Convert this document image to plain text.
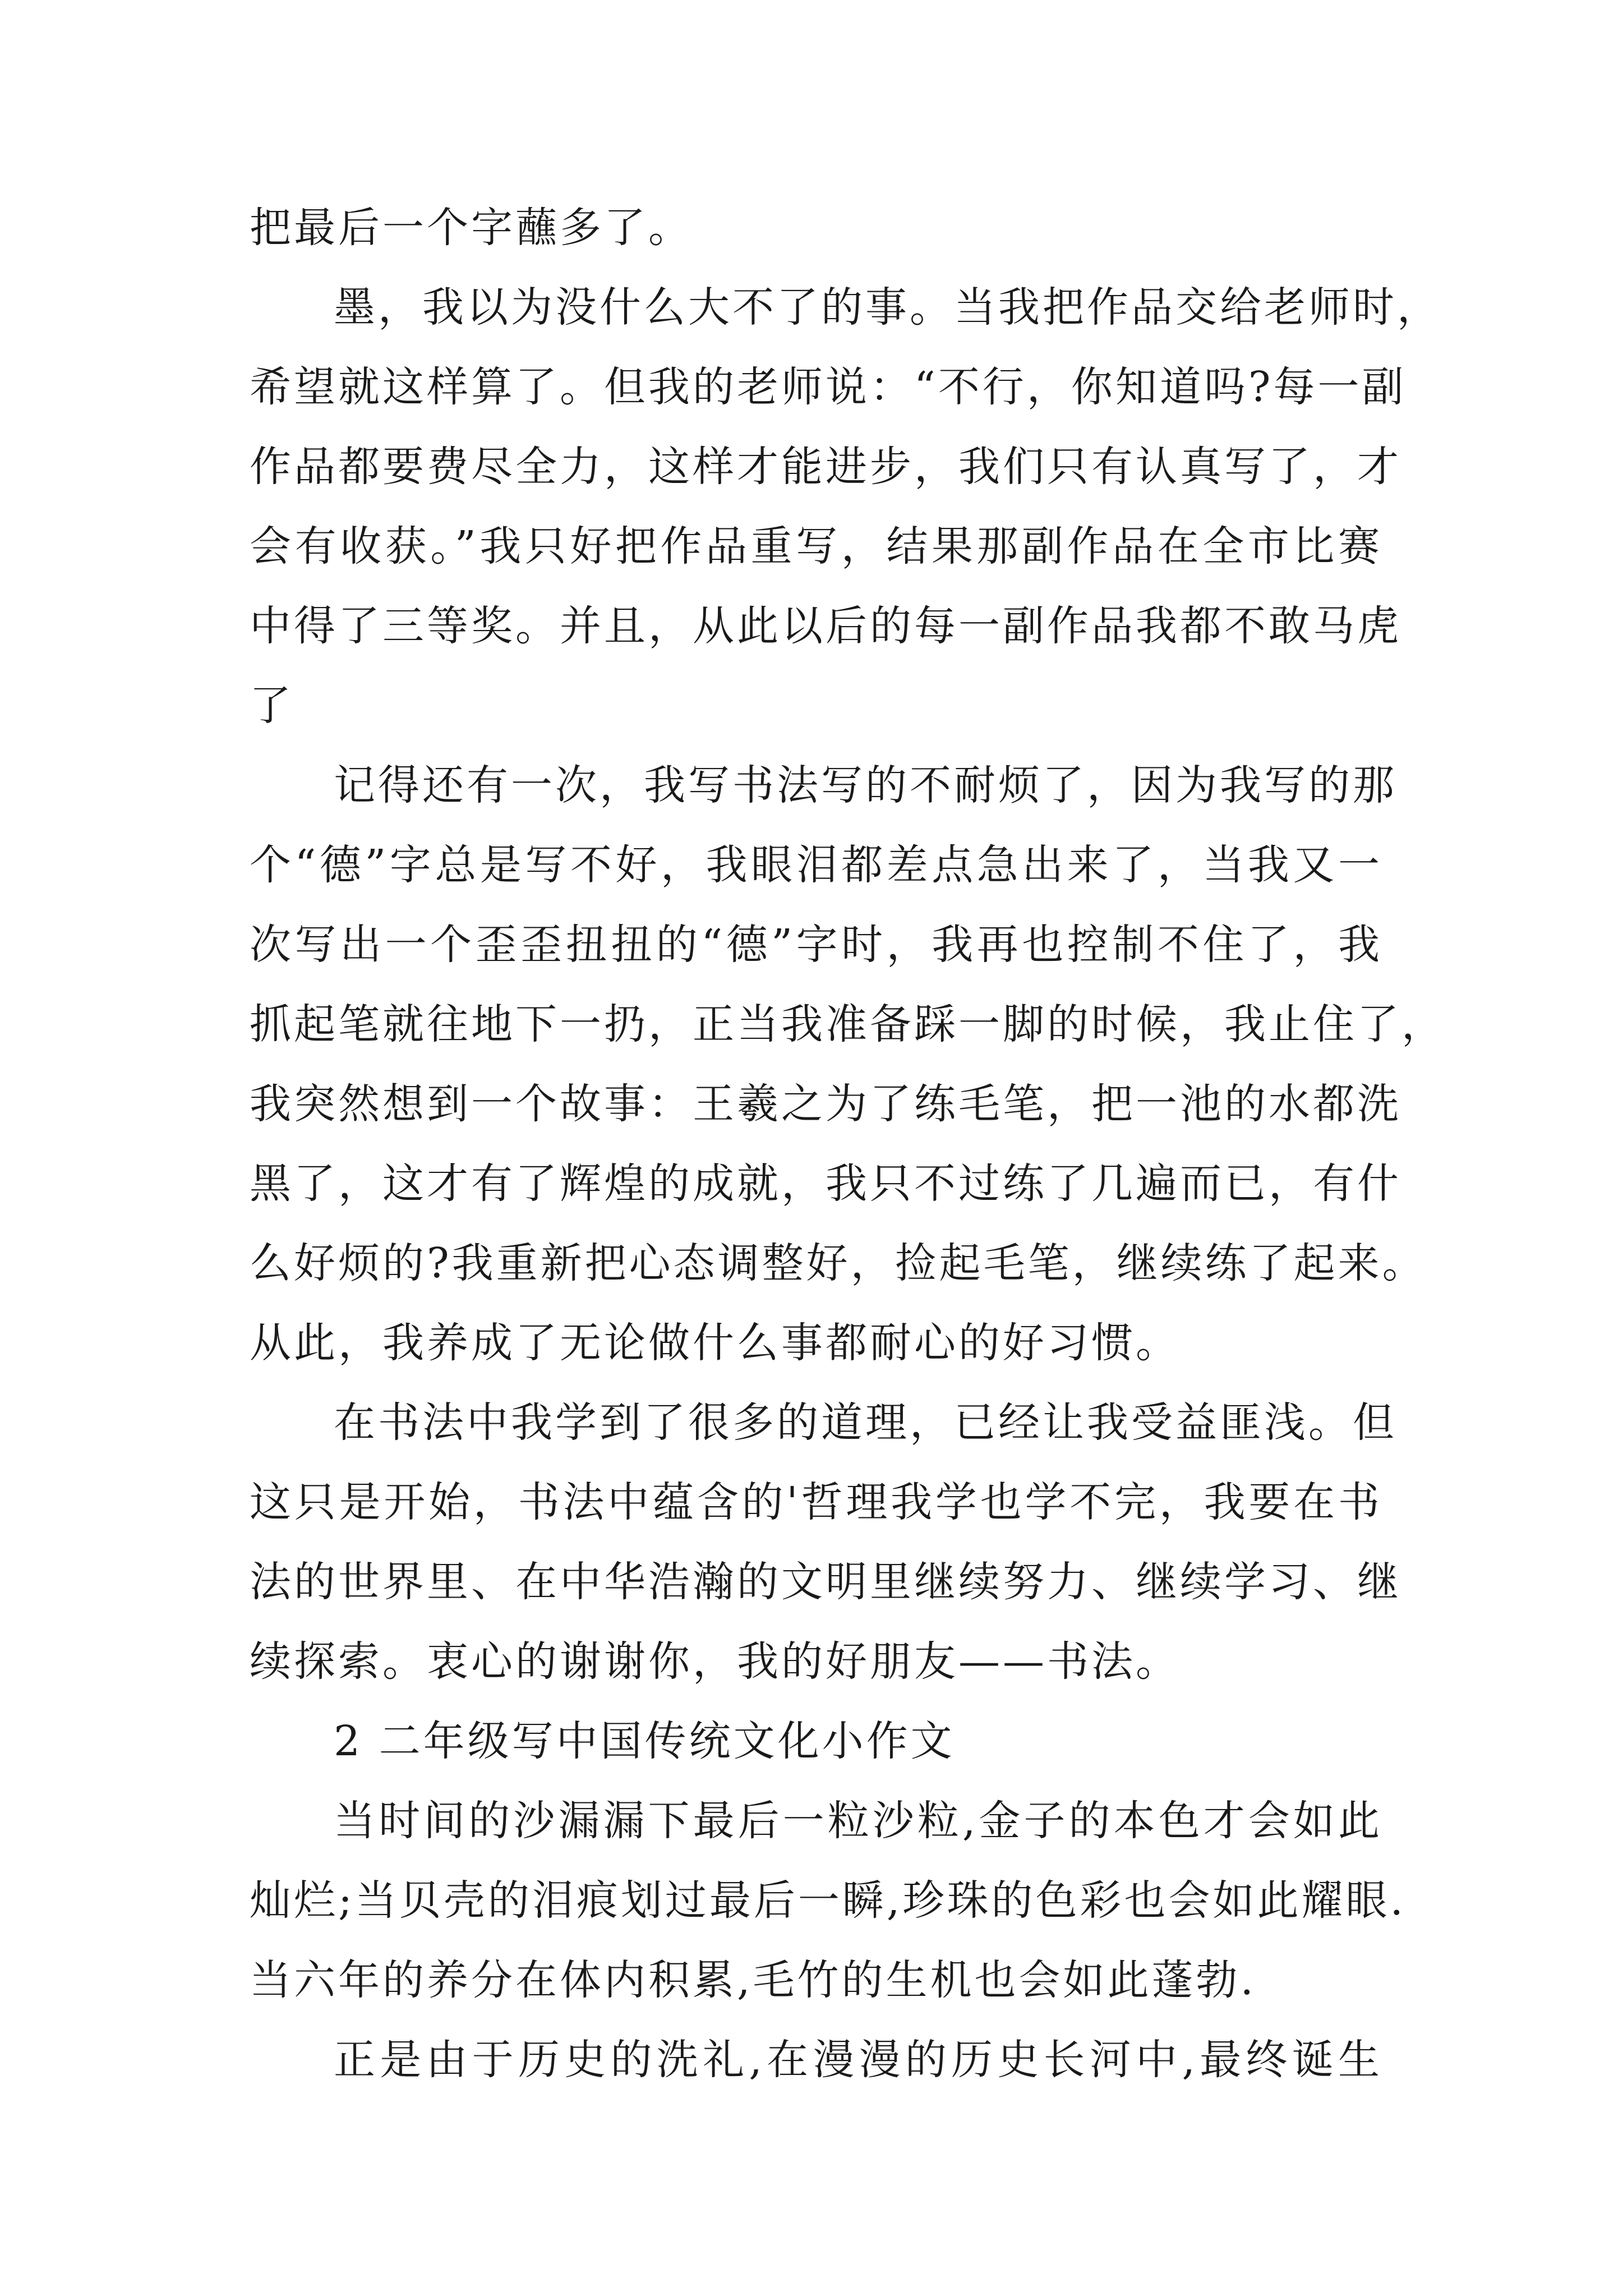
把最后一个字蘸多了。
墨，我以为没什么大不了的事。当我把作品交给老师时，
希望就这样算了。但我的老师说：“不行，你知道吗?每一副
作品都要费尽全力，这样才能进步，我们只有认真写了，才
会有收获。”我只好把作品重写，结果那副作品在全市比赛
中得了三等奖。并且，从此以后的每一副作品我都不敢马虎
了
记得还有一次，我写书法写的不耐烦了，因为我写的那
个“德”字总是写不好，我眼泪都差点急出来了，当我又一
次写出一个歪歪扭扭的“德”字时，我再也控制不住了，我
抓起笔就往地下一扔，正当我准备踩一脚的时候，我止住了，
我突然想到一个故事：王羲之为了练毛笔，把一池的水都洗
黑了，这才有了辉煌的成就，我只不过练了几遍而已，有什
么好烦的?我重新把心态调整好，捡起毛笔，继续练了起来。
从此，我养成了无论做什么事都耐心的好习惯。
在书法中我学到了很多的道理，已经让我受益匪浅。但
这只是开始，书法中蕴含的'哲理我学也学不完，我要在书
法的世界里、在中华浩瀚的文明里继续努力、继续学习、继
续探索。衷心的谢谢你，我的好朋友——书法。
2 二年级写中国传统文化小作文
当时间的沙漏漏下最后一粒沙粒,金子的本色才会如此
灿烂;当贝壳的泪痕划过最后一瞬,珍珠的色彩也会如此耀眼.
当六年的养分在体内积累,毛竹的生机也会如此蓬勃.
正是由于历史的洗礼,在漫漫的历史长河中,最终诞生
